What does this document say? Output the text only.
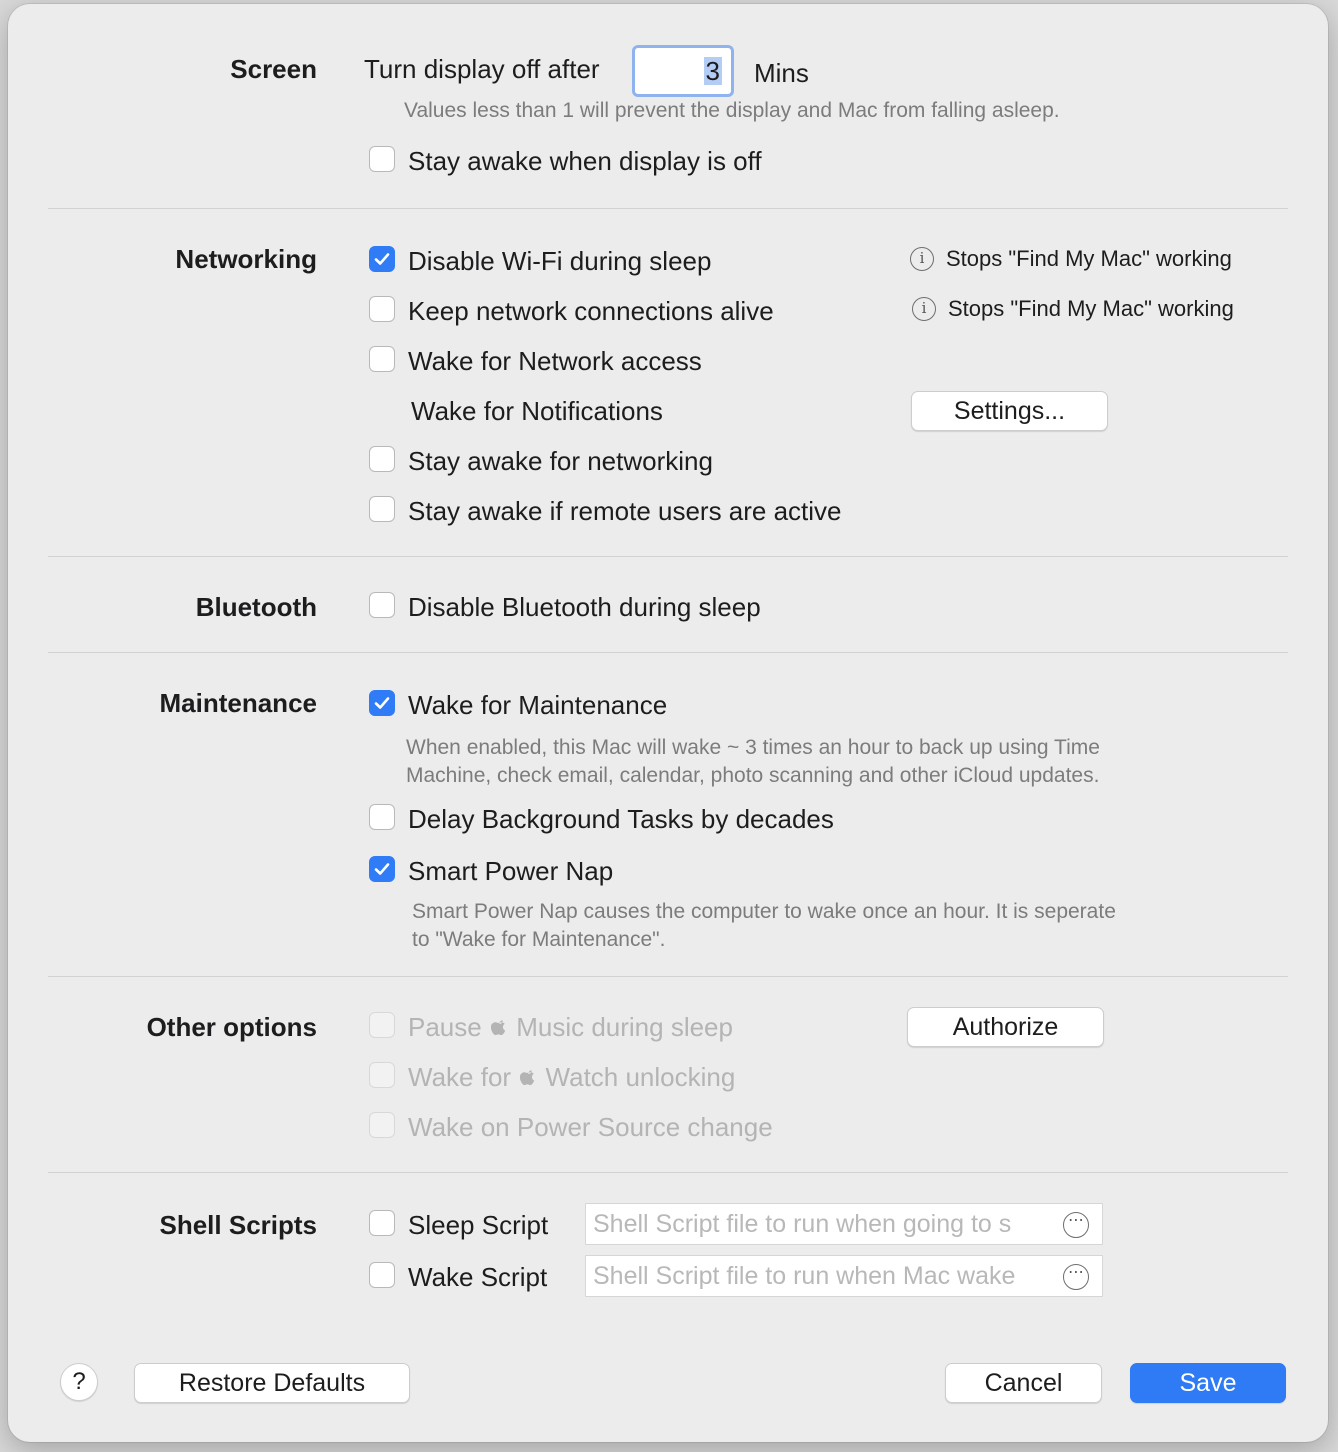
Screen Turn display off after	3 Mins
Values less than 1 will prevent the display and Mac from falling asleep.
Stay awake when display is off
Networking	Disable Wi-Fi during sleep	i Stops "Find My Mac" working
Keep network connections alive	i Stops "Find My Mac" working
Wake for Network access
Wake for Notifications	Settings...
Stay awake for networking
Stay awake if remote users are active
Bluetooth	Disable Bluetooth during sleep
Maintenance	Wake for Maintenance
When enabled, this Mac will wake ~ 3 times an hour to back up using Time
Machine, check email, calendar, photo scanning and other iCloud updates.
Delay Background Tasks by decades
Smart Power Nap
Smart Power Nap causes the computer to wake once an hour. It is seperate
to "Wake for Maintenance".
Other options	Pause Music during sleep	Authorize
Wake for Watch unlocking
Wake on Power Source change
Shell Scripts	Sleep Script	Shell Script file to run when going to s	⋯
Wake Script	Shell Script file to run when Mac wake	⋯
?	Restore Defaults	Cancel	Save
